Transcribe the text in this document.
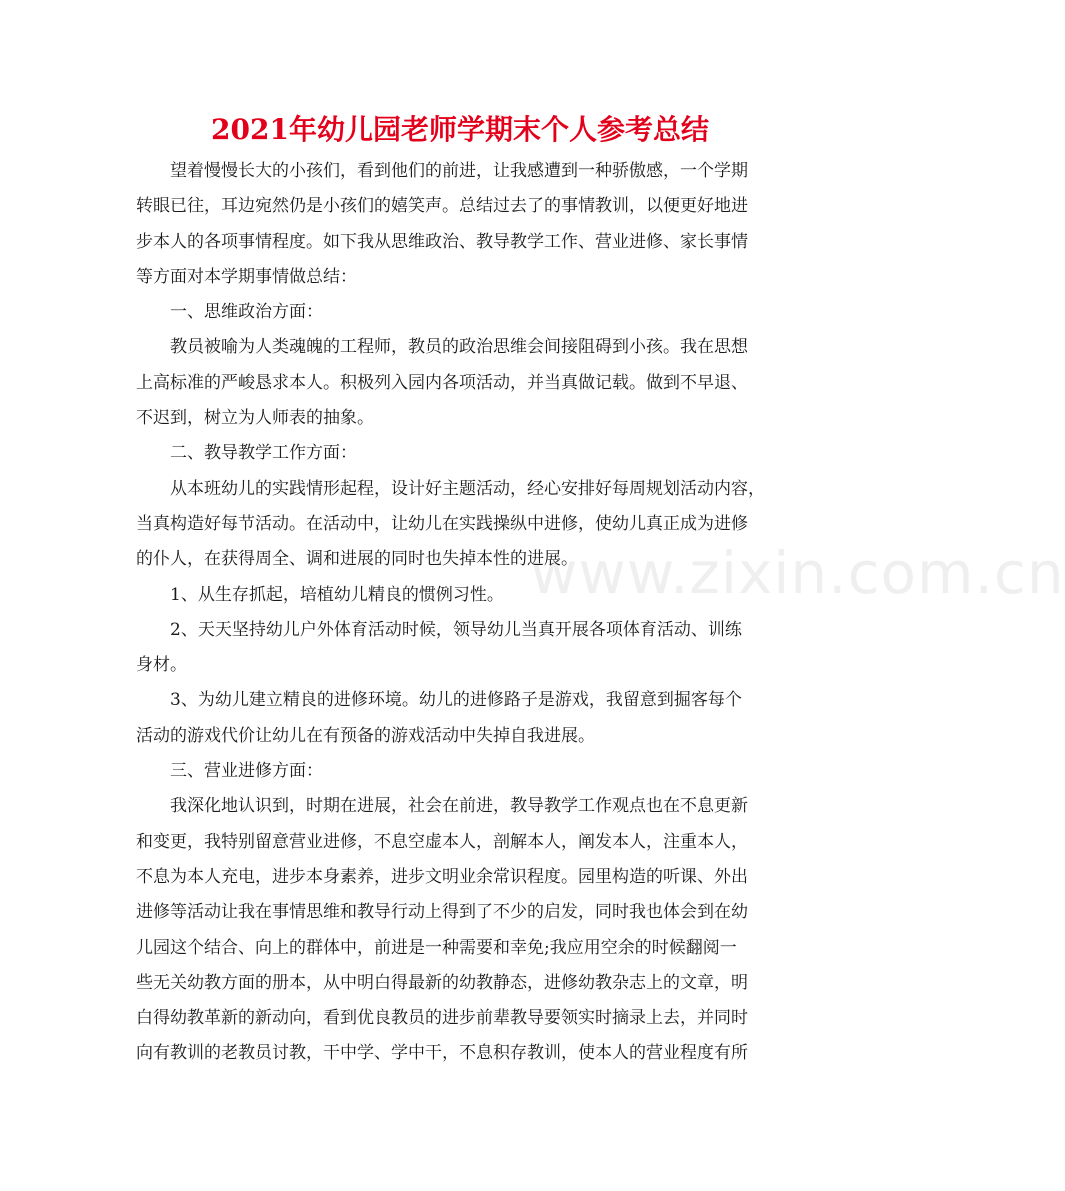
www.zixin.com.cn
2021年幼儿园老师学期末个人参考总结
望着慢慢长大的小孩们，看到他们的前进，让我感遭到一种骄傲感，一个学期
转眼已往，耳边宛然仍是小孩们的嬉笑声。总结过去了的事情教训，以便更好地进
步本人的各项事情程度。如下我从思维政治、教导教学工作、营业进修、家长事情
等方面对本学期事情做总结：
一、思维政治方面：
教员被喻为人类魂魄的工程师，教员的政治思维会间接阻碍到小孩。我在思想
上高标准的严峻恳求本人。积极列入园内各项活动，并当真做记载。做到不早退、
不迟到，树立为人师表的抽象。
二、教导教学工作方面：
从本班幼儿的实践情形起程，设计好主题活动，经心安排好每周规划活动内容，
当真构造好每节活动。在活动中，让幼儿在实践操纵中进修，使幼儿真正成为进修
的仆人，在获得周全、调和进展的同时也失掉本性的进展。
1、从生存抓起，培植幼儿精良的惯例习性。
2、天天坚持幼儿户外体育活动时候，领导幼儿当真开展各项体育活动、训练
身材。
3、为幼儿建立精良的进修环境。幼儿的进修路子是游戏，我留意到掘客每个
活动的游戏代价让幼儿在有预备的游戏活动中失掉自我进展。
三、营业进修方面：
我深化地认识到，时期在进展，社会在前进，教导教学工作观点也在不息更新
和变更，我特别留意营业进修，不息空虚本人，剖解本人，阐发本人，注重本人，
不息为本人充电，进步本身素养，进步文明业余常识程度。园里构造的听课、外出
进修等活动让我在事情思维和教导行动上得到了不少的启发，同时我也体会到在幼
儿园这个结合、向上的群体中，前进是一种需要和幸免;我应用空余的时候翻阅一
些无关幼教方面的册本，从中明白得最新的幼教静态，进修幼教杂志上的文章，明
白得幼教革新的新动向，看到优良教员的进步前辈教导要领实时摘录上去，并同时
向有教训的老教员讨教，干中学、学中干，不息积存教训，使本人的营业程度有所
